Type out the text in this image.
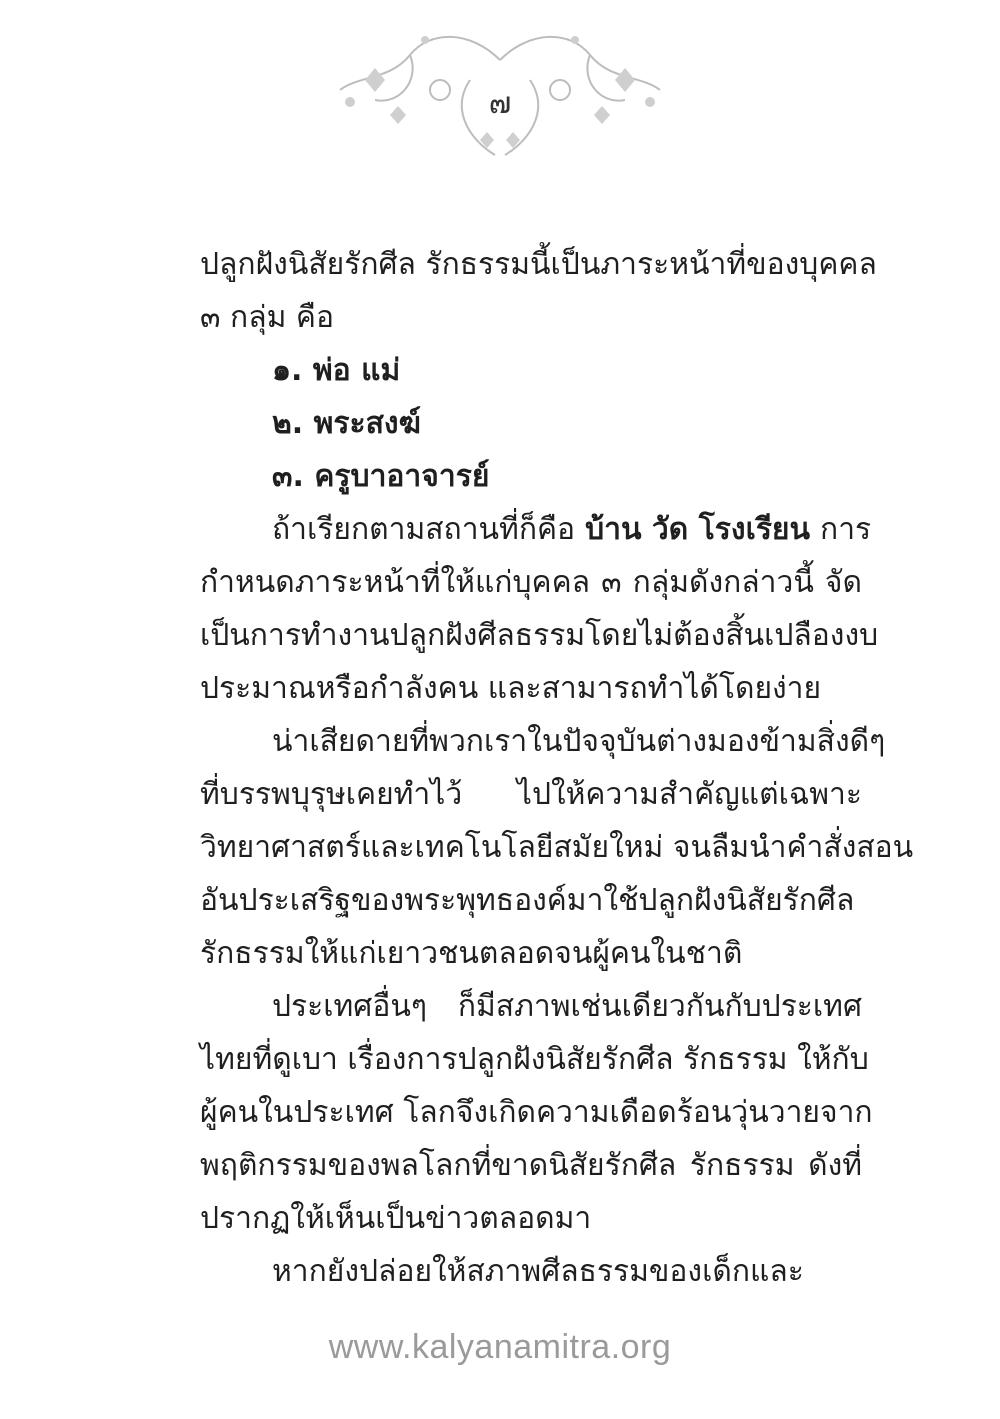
๗

ปลูกฝังนิสัยรักศีล รักธรรมนี้เป็นภาระหน้าที่ของบุคคล

๓ กลุ่ม คือ

๑. พ่อ แม่

๒. พระสงฆ์

๓. ครูบาอาจารย์

ถ้าเรียกตามสถานที่ก็คือ บ้าน วัด โรงเรียน การ

กำหนดภาระหน้าที่ให้แก่บุคคล ๓ กลุ่มดังกล่าวนี้ จัด

เป็นการทำงานปลูกฝังศีลธรรมโดยไม่ต้องสิ้นเปลืองงบ

ประมาณหรือกำลังคน และสามารถทำได้โดยง่าย

น่าเสียดายที่พวกเราในปัจจุบันต่างมองข้ามสิ่งดีๆ

ที่บรรพบุรุษเคยทำไว้ ไปให้ความสำคัญแต่เฉพาะ

วิทยาศาสตร์และเทคโนโลยีสมัยใหม่ จนลืมนำคำสั่งสอน

อันประเสริฐของพระพุทธองค์มาใช้ปลูกฝังนิสัยรักศีล

รักธรรมให้แก่เยาวชนตลอดจนผู้คนในชาติ

ประเทศอื่นๆ ก็มีสภาพเช่นเดียวกันกับประเทศ

ไทยที่ดูเบา เรื่องการปลูกฝังนิสัยรักศีล รักธรรม ให้กับ

ผู้คนในประเทศ โลกจึงเกิดความเดือดร้อนวุ่นวายจาก

พฤติกรรมของพลโลกที่ขาดนิสัยรักศีล รักธรรม ดังที่

ปรากฏให้เห็นเป็นข่าวตลอดมา

หากยังปล่อยให้สภาพศีลธรรมของเด็กและ

www.kalyanamitra.org
